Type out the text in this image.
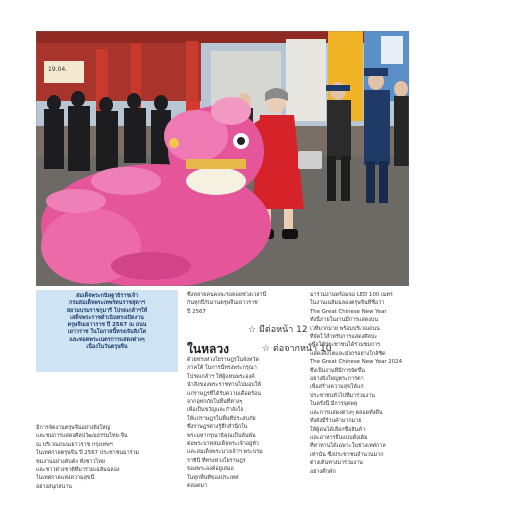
19.04.
สมเด็จพระกนิษฐาธิราชเจ้า
กรมสมเด็จพระเทพรัตนราชสุดาฯ
สยามบรมราชกุมารี โปรดเกล้าฯให้
เสด็จพระราชดำเนินทรงเปิดงาน
ตรุษจีนเยาวราช ปี 2567 ณ ถนน
เยาวราช ในโอกาสนี้ทรงเจิมสิงโต
และทอดพระเนตรการแสดงต่างๆ
เนื่องในวันตรุษจีน
มีการจัดงานตรุษจีนอย่างยิ่งใหญ่
และชมการแสดงศิลปวัฒนธรรมไทย-จีน
ณ บริเวณถนนเยาวราช กรุงเทพฯ
ในเทศกาลตรุษจีน ปี 2567 ประชาชนมาร่วม
ชมงานอย่างคับคั่ง ทั้งชาวไทย
และชาวต่างชาติที่มาร่วมเฉลิมฉลอง
ในเทศกาลแห่งความสุขนี้
อย่างสนุกสนาน
ซึ่งหลายคนคงจะรอคอยช่วงเวลานี้
กันทุกปีกับงานตรุษจีนเยาวราช
ปี 2567
☆ มีต่อหน้า 12
ในหลวง	☆ ต่อจากหน้า 10
ด้วยทรงห่วงใยราษฎรในจังหวัด
ภาคใต้ ในการนี้ทรงพระกรุณา
โปรดเกล้าฯ ให้ผู้แทนพระองค์
นำสิ่งของพระราชทานไปมอบให้
แก่ราษฎรที่ได้รับความเดือดร้อน
จากอุทกภัยในพื้นที่ต่างๆ
เพื่อเป็นขวัญและกำลังใจ
ให้แก่ราษฎรในพื้นที่ประสบภัย
ซึ่งราษฎรต่างรู้สึกสำนึกใน
พระมหากรุณาธิคุณเป็นล้นพ้น
ต่อพระบาทสมเด็จพระเจ้าอยู่หัว
และสมเด็จพระนางเจ้าฯ พระบรม
ราชินี ที่ทรงห่วงใยราษฎร
ของพระองค์อยู่เสมอ
ในทุกพื้นที่ของประเทศ
ตลอดมา
มาร่วมงานพร้อมจอ LED 100 เมตร
ในงานเฉลิมฉลองตรุษจีนที่ชื่อว่า
The Great Chinese New Year
ทั้งนี้ภายในงานมีการแสดงบน
เวทีมากมาย พร้อมบริเวณถนน
ที่จัดไว้สำหรับการแสดงศิลปะ
เพื่อให้ประชาชนได้ร่วมชมการ
แสดงสิงโตและมังกรอย่างใกล้ชิด
The Great Chinese New Year 2024
ซึ่งเป็นงานที่มีการจัดขึ้น
อย่างยิ่งใหญ่ตระการตา
เพื่อสร้างความสุขให้แก่
ประชาชนทั่วไปที่มาร่วมงาน
ในครั้งนี้ มีการจุดพลุ
และการแสดงต่างๆ ตลอดทั้งคืน
ทั้งยังมีร้านค้ามากมาย
ให้ผู้คนได้เลือกซื้อสินค้า
และอาหารจีนแบบดั้งเดิม
ที่หาทานได้เฉพาะในช่วงเทศกาล
เท่านั้น ซึ่งประชาชนจำนวนมาก
ต่างเดินทางมาร่วมงาน
อย่างคึกคัก
